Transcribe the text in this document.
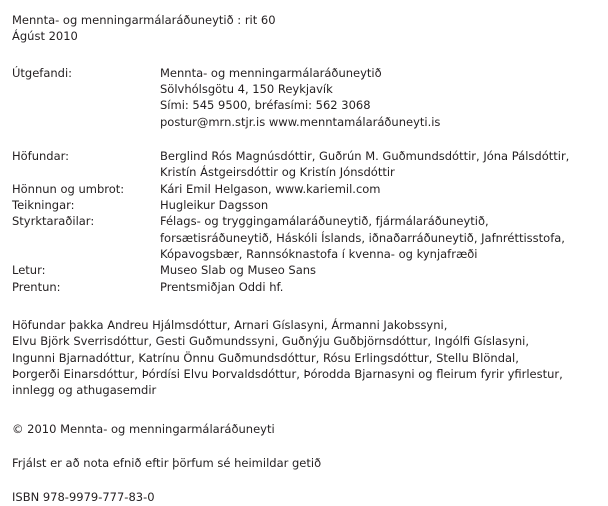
Mennta- og menningarmálaráðuneytið : rit 60
Ágúst 2010
Útgefandi:	Mennta- og menningarmálaráðuneytið
Sölvhólsgötu 4, 150 Reykjavík
Sími: 545 9500, bréfasími: 562 3068
postur@mrn.stjr.is www.menntamálaráðuneyti.is
Höfundar:	Berglind Rós Magnúsdóttir, Guðrún M. Guðmundsdóttir, Jóna Pálsdóttir,
Kristín Ástgeirsdóttir og Kristín Jónsdóttir
Hönnun og umbrot:	Kári Emil Helgason, www.kariemil.com
Teikningar:	Hugleikur Dagsson
Styrktaraðilar:	Félags- og tryggingamálaráðuneytið, fjármálaráðuneytið,
forsætisráðuneytið, Háskóli Íslands, iðnaðarráðuneytið, Jafnréttisstofa,
Kópavogsbær, Rannsóknastofa í kvenna- og kynjafræði
Letur:	Museo Slab og Museo Sans
Prentun:	Prentsmiðjan Oddi hf.
Höfundar þakka Andreu Hjálmsdóttur, Arnari Gíslasyni, Ármanni Jakobssyni,
Elvu Björk Sverrisdóttur, Gesti Guðmundssyni, Guðnýju Guðbjörnsdóttur, Ingólfi Gíslasyni,
Ingunni Bjarnadóttur, Katrínu Önnu Guðmundsdóttur, Rósu Erlingsdóttur, Stellu Blöndal,
Þorgerði Einarsdóttur, Þórdísi Elvu Þorvaldsdóttur, Þórodda Bjarnasyni og fleirum fyrir yfirlestur,
innlegg og athugasemdir
© 2010 Mennta- og menningarmálaráðuneyti
Frjálst er að nota efnið eftir þörfum sé heimildar getið
ISBN 978-9979-777-83-0
